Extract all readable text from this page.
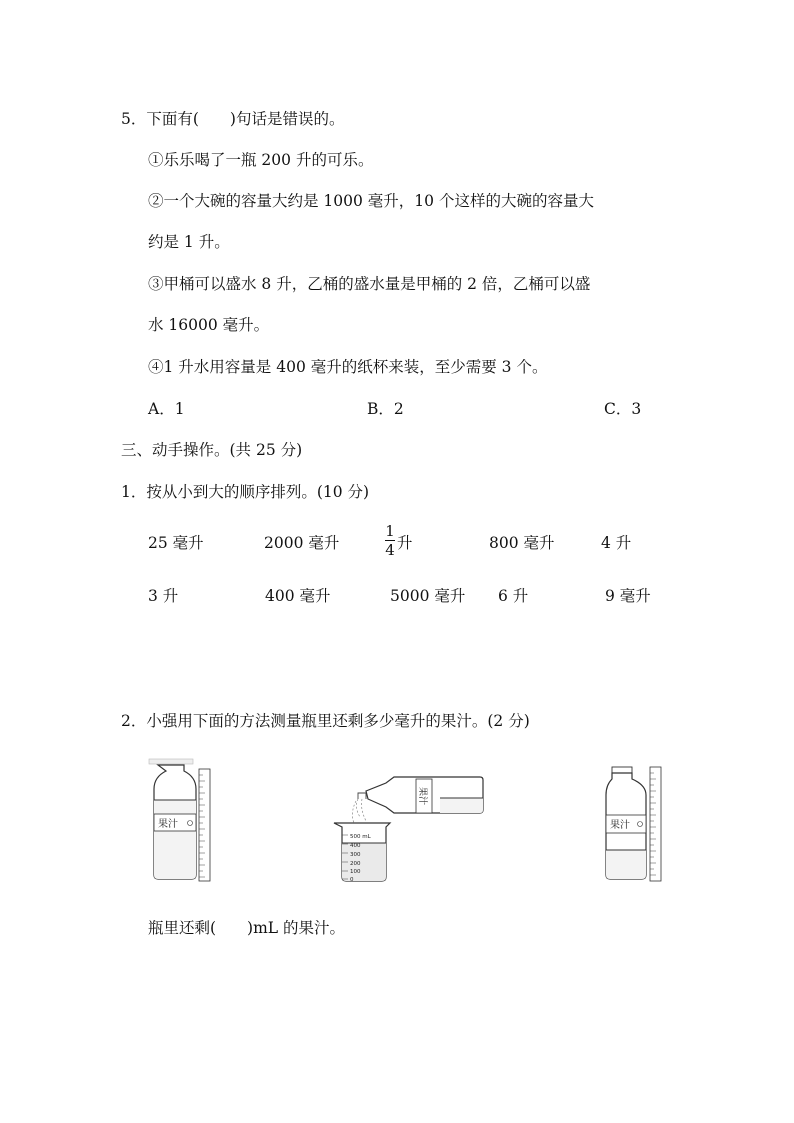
5．下面有(　　)句话是错误的。
①乐乐喝了一瓶 200 升的可乐。
②一个大碗的容量大约是 1000 毫升，10 个这样的大碗的容量大
约是 1 升。
③甲桶可以盛水 8 升，乙桶的盛水量是甲桶的 2 倍，乙桶可以盛
水 16000 毫升。
④1 升水用容量是 400 毫升的纸杯来装，至少需要 3 个。
A．1	B．2	C．3
三、动手操作。(共 25 分)
1．按从小到大的顺序排列。(10 分)
25 毫升	2000 毫升
1
4 升	800 毫升	4 升
3 升	400 毫升	5000 毫升 6 升	9 毫升
2．小强用下面的方法测量瓶里还剩多少毫升的果汁。(2 分)
果汁
果汁
500 mL
400
300
200
100
0
果汁
瓶里还剩(　　)mL 的果汁。
